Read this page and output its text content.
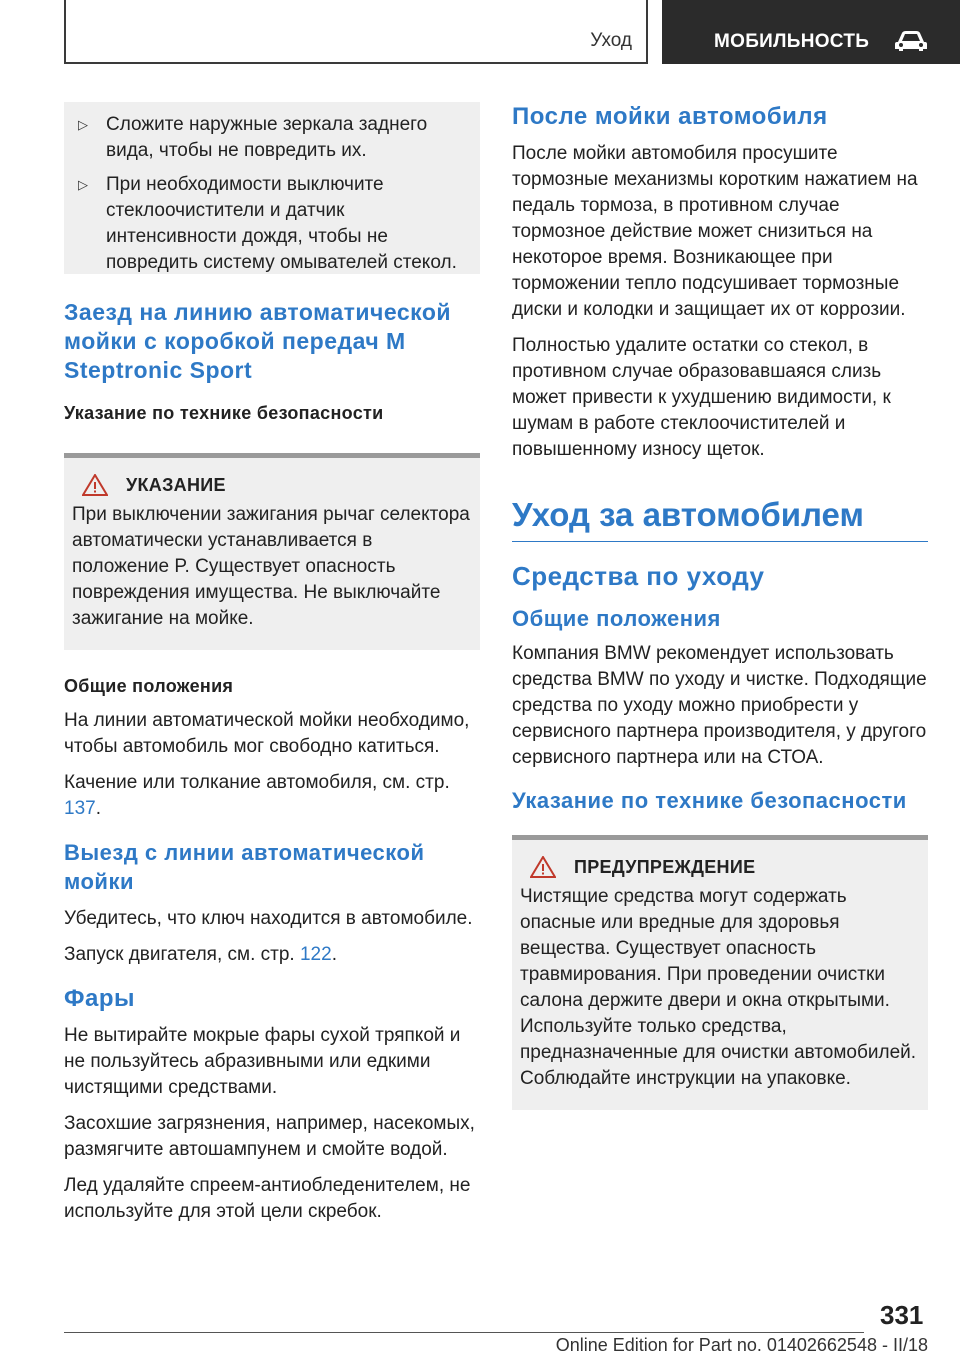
Уход	МОБИЛЬНОСТЬ
▷ Сложите наружные зеркала заднего вида, чтобы не повредить их.
▷ При необходимости выключите стеклоочистители и датчик интенсивности дождя, чтобы не повредить систему омывателей стекол.
Заезд на линию автоматической мойки с коробкой передач M Steptronic Sport
Указание по технике безопасности
УКАЗАНИЕ

При выключении зажигания рычаг селектора автоматически устанавливается в положение P. Существует опасность повреждения имущества. Не выключайте зажигание на мойке.

Общие положения

На линии автоматической мойки необходимо, чтобы автомобиль мог свободно катиться.

Качение или толкание автомобиля, см. стр. 137.

Выезд с линии автоматической мойки

Убедитесь, что ключ находится в автомобиле.

Запуск двигателя, см. стр. 122.

Фары

Не вытирайте мокрые фары сухой тряпкой и не пользуйтесь абразивными или едкими чистящими средствами.

Засохшие загрязнения, например, насекомых, размягчите автошампунем и смойте водой.

Лед удаляйте спреем-антиобледенителем, не используйте для этой цели скребок.

После мойки автомобиля

После мойки автомобиля просушите тормозные механизмы коротким нажатием на педаль тормоза, в противном случае тормозное действие может снизиться на некоторое время. Возникающее при торможении тепло подсушивает тормозные диски и колодки и защищает их от коррозии.

Полностью удалите остатки со стекол, в противном случае образовавшаяся слизь может привести к ухудшению видимости, к шумам в работе стеклоочистителей и повышенному износу щеток.

Уход за автомобилем
Средства по уходу
Общие положения

Компания BMW рекомендует использовать средства BMW по уходу и чистке. Подходящие средства по уходу можно приобрести у сервисного партнера производителя, у другого сервисного партнера или на СТОА.

Указание по технике безопасности
ПРЕДУПРЕЖДЕНИЕ

Чистящие средства могут содержать опасные или вредные для здоровья вещества. Существует опасность травмирования. При проведении очистки салона держите двери и окна открытыми. Используйте только средства, предназначенные для очистки автомобилей. Соблюдайте инструкции на упаковке.

331
Online Edition for Part no. 01402662548 - II/18
